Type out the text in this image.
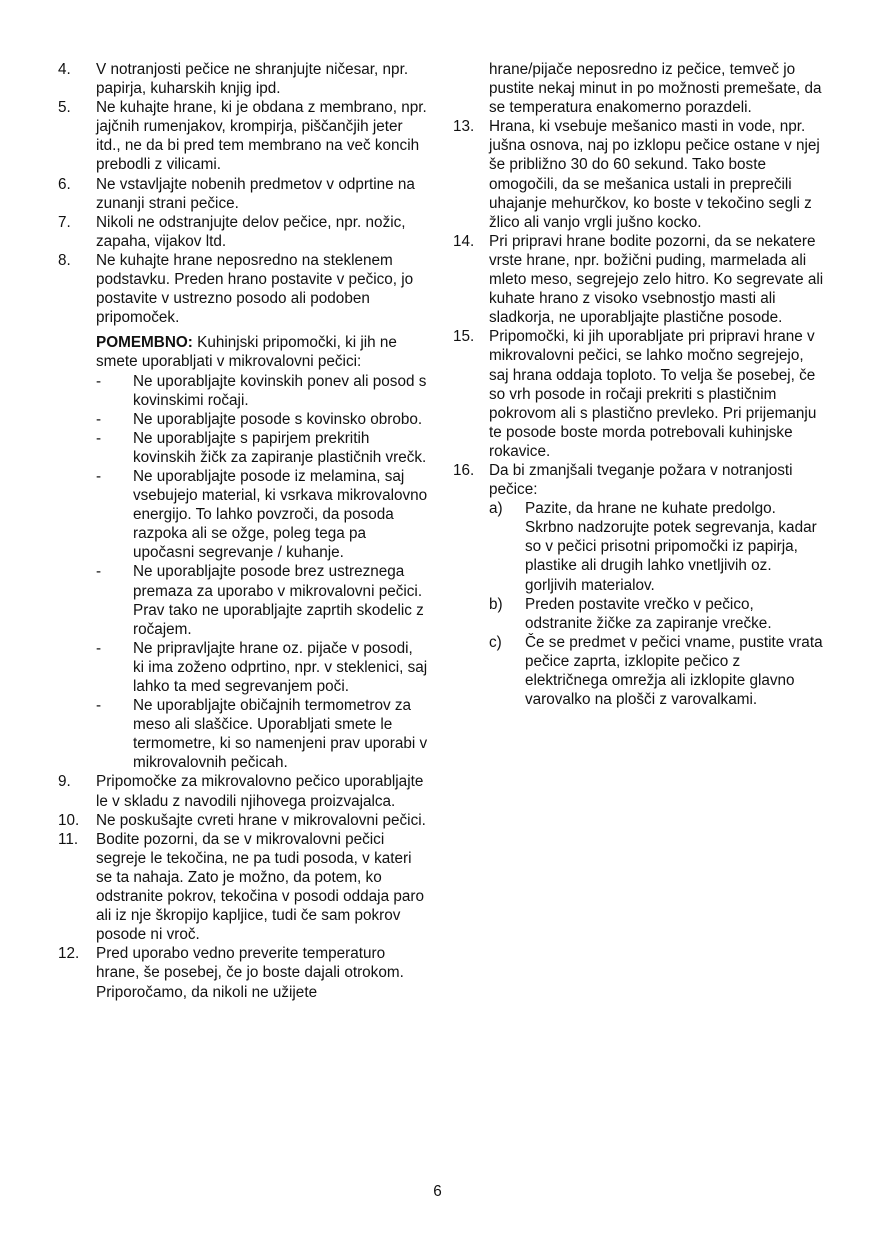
4.	V notranjosti pečice ne shranjujte ničesar, npr. papirja, kuharskih knjig ipd.
5.	Ne kuhajte hrane, ki je obdana z membrano, npr. jajčnih rumenjakov, krompirja, piščančjih jeter itd., ne da bi pred tem membrano na več koncih prebodli z vilicami.
6.	Ne vstavljajte nobenih predmetov v odprtine na zunanji strani pečice.
7.	Nikoli ne odstranjujte delov pečice, npr. nožic, zapaha, vijakov ltd.
8.	Ne kuhajte hrane neposredno na steklenem podstavku. Preden hrano postavite v pečico, jo postavite v ustrezno posodo ali podoben pripomoček.

POMEMBNO: Kuhinjski pripomočki, ki jih ne smete uporabljati v mikrovalovni pečici:

-	Ne uporabljajte kovinskih ponev ali posod s kovinskimi ročaji.
-	Ne uporabljajte posode s kovinsko obrobo.
-	Ne uporabljajte s papirjem prekritih kovinskih žičk za zapiranje plastičnih vrečk.
-	Ne uporabljajte posode iz melamina, saj vsebujejo material, ki vsrkava mikrovalovno energijo. To lahko povzroči, da posoda razpoka ali se ožge, poleg tega pa upočasni segrevanje / kuhanje.
-	Ne uporabljajte posode brez ustreznega premaza za uporabo v mikrovalovni pečici. Prav tako ne uporabljajte zaprtih skodelic z ročajem.
-	Ne pripravljajte hrane oz. pijače v posodi, ki ima zoženo odprtino, npr. v steklenici, saj lahko ta med segrevanjem poči.
-	Ne uporabljajte običajnih termometrov za meso ali slaščice. Uporabljati smete le termometre, ki so namenjeni prav uporabi v mikrovalovnih pečicah.
9.	Pripomočke za mikrovalovno pečico uporabljajte le v skladu z navodili njihovega proizvajalca.
10.	Ne poskušajte cvreti hrane v mikrovalovni pečici.
11.	Bodite pozorni, da se v mikrovalovni pečici segreje le tekočina, ne pa tudi posoda, v kateri se ta nahaja. Zato je možno, da potem, ko odstranite pokrov, tekočina v posodi oddaja paro ali iz nje škropijo kapljice, tudi če sam pokrov posode ni vroč.
12.	Pred uporabo vedno preverite temperaturo hrane, še posebej, če jo boste dajali otrokom. Priporočamo, da nikoli ne užijete
hrane/pijače neposredno iz pečice, temveč jo pustite nekaj minut in po možnosti premešate, da se temperatura enakomerno porazdeli.
13. Hrana, ki vsebuje mešanico masti in vode, npr. jušna osnova, naj po izklopu pečice ostane v njej še približno 30 do 60 sekund. Tako boste omogočili, da se mešanica ustali in preprečili uhajanje mehurčkov, ko boste v tekočino segli z žlico ali vanjo vrgli jušno kocko.
14. Pri pripravi hrane bodite pozorni, da se nekatere vrste hrane, npr. božični puding, marmelada ali mleto meso, segrejejo zelo hitro. Ko segrevate ali kuhate hrano z visoko vsebnostjo masti ali sladkorja, ne uporabljajte plastične posode.
15. Pripomočki, ki jih uporabljate pri pripravi hrane v mikrovalovni pečici, se lahko močno segrejejo, saj hrana oddaja toploto. To velja še posebej, če so vrh posode in ročaji prekriti s plastičnim pokrovom ali s plastično prevleko. Pri prijemanju te posode boste morda potrebovali kuhinjske rokavice.
16. Da bi zmanjšali tveganje požara v notranjosti pečice:

a)	Pazite, da hrane ne kuhate predolgo. Skrbno nadzorujte potek segrevanja, kadar so v pečici prisotni pripomočki iz papirja, plastike ali drugih lahko vnetljivih oz. gorljivih materialov.
b)	Preden postavite vrečko v pečico, odstranite žičke za zapiranje vrečke.
c)	Če se predmet v pečici vname, pustite vrata pečice zaprta, izklopite pečico z električnega omrežja ali izklopite glavno varovalko na plošči z varovalkami.
6
